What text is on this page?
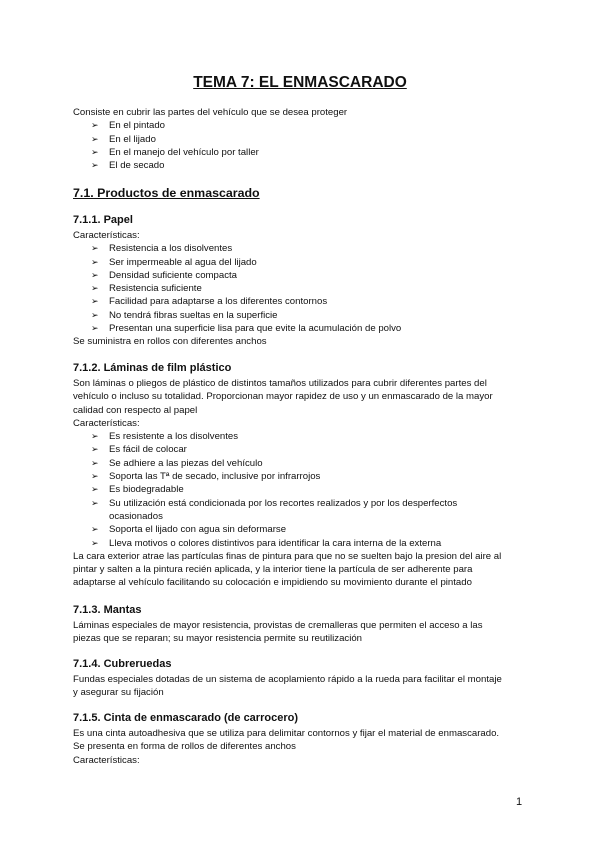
TEMA 7: EL ENMASCARADO

Consiste en cubrir las partes del vehículo que se desea proteger

➢ En el pintado
➢ En el lijado
➢ En el manejo del vehículo por taller
➢ El de secado
7.1. Productos de enmascarado
7.1.1. Papel

Características:

➢ Resistencia a los disolventes
➢ Ser impermeable al agua del lijado
➢ Densidad suficiente compacta
➢ Resistencia suficiente
➢ Facilidad para adaptarse a los diferentes contornos
➢ No tendrá fibras sueltas en la superficie
➢ Presentan una superficie lisa para que evite la acumulación de polvo

Se suministra en rollos con diferentes anchos

7.1.2. Láminas de film plástico

Son láminas o pliegos de plástico de distintos tamaños utilizados para cubrir diferentes partes del

vehículo o incluso su totalidad. Proporcionan mayor rapidez de uso y un enmascarado de la mayor

calidad con respecto al papel

Características:

➢ Es resistente a los disolventes
➢ Es fácil de colocar
➢ Se adhiere a las piezas del vehículo
➢ Soporta las Tª de secado, inclusive por infrarrojos
➢ Es biodegradable
➢ Su utilización está condicionada por los recortes realizados y por los desperfectos
ocasionados
➢ Soporta el lijado con agua sin deformarse
➢ Lleva motivos o colores distintivos para identificar la cara interna de la externa

La cara exterior atrae las partículas finas de pintura para que no se suelten bajo la presion del aire al

pintar y salten a la pintura recién aplicada, y la interior tiene la partícula de ser adherente para

adaptarse al vehículo facilitando su colocación e impidiendo su movimiento durante el pintado

7.1.3. Mantas

Láminas especiales de mayor resistencia, provistas de cremalleras que permiten el acceso a las

piezas que se reparan; su mayor resistencia permite su reutilización

7.1.4. Cubreruedas

Fundas especiales dotadas de un sistema de acoplamiento rápido a la rueda para facilitar el montaje

y asegurar su fijación

7.1.5. Cinta de enmascarado (de carrocero)

Es una cinta autoadhesiva que se utiliza para delimitar contornos y fijar el material de enmascarado.

Se presenta en forma de rollos de diferentes anchos

Características:

1
